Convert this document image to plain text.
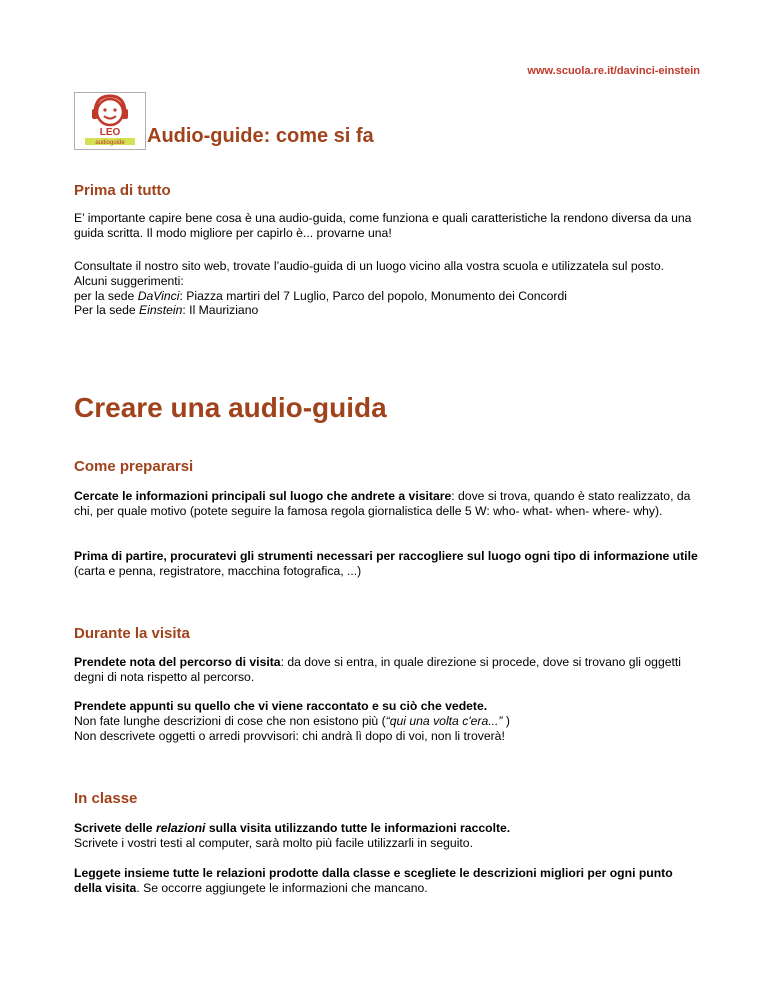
www.scuola.re.it/davinci-einstein
LEO
audioguide Audio-guide: come si fa
Prima di tutto
E’ importante capire bene cosa è una audio-guida, come funziona e quali caratteristiche la rendono diversa da una guida scritta. Il modo migliore per capirlo è... provarne una!
Consultate il nostro sito web, trovate l’audio-guida di un luogo vicino alla vostra scuola e utilizzatela sul posto.
Alcuni suggerimenti:
per la sede DaVinci: Piazza martiri del 7 Luglio, Parco del popolo, Monumento dei Concordi
Per la sede Einstein: Il Mauriziano
Creare una audio-guida
Come prepararsi
Cercate le informazioni principali sul luogo che andrete a visitare: dove si trova, quando è stato realizzato, da chi, per quale motivo (potete seguire la famosa regola giornalistica delle 5 W: who- what- when- where- why).
Prima di partire, procuratevi gli strumenti necessari per raccogliere sul luogo ogni tipo di informazione utile (carta e penna, registratore, macchina fotografica, ...)
Durante la visita
Prendete nota del percorso di visita: da dove si entra, in quale direzione si procede, dove si trovano gli oggetti degni di nota rispetto al percorso.
Prendete appunti su quello che vi viene raccontato e su ciò che vedete.
Non fate lunghe descrizioni di cose che non esistono più (“qui una volta c'era...” )
Non descrivete oggetti o arredi provvisori: chi andrà lì dopo di voi, non li troverà!
In classe
Scrivete delle relazioni sulla visita utilizzando tutte le informazioni raccolte.
Scrivete i vostri testi al computer, sarà molto più facile utilizzarli in seguito.
Leggete insieme tutte le relazioni prodotte dalla classe e scegliete le descrizioni migliori per ogni punto della visita. Se occorre aggiungete le informazioni che mancano.
